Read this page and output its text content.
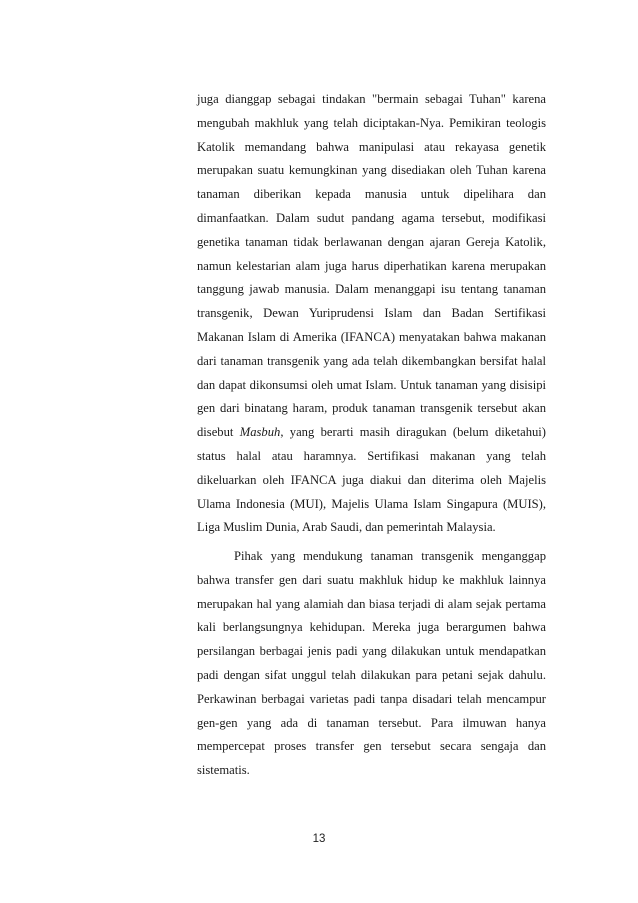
juga dianggap sebagai tindakan "bermain sebagai Tuhan" karena mengubah makhluk yang telah diciptakan-Nya. Pemikiran teologis Katolik memandang bahwa manipulasi atau rekayasa genetik merupakan suatu kemungkinan yang disediakan oleh Tuhan karena tanaman diberikan kepada manusia untuk dipelihara dan dimanfaatkan. Dalam sudut pandang agama tersebut, modifikasi genetika tanaman tidak berlawanan dengan ajaran Gereja Katolik, namun kelestarian alam juga harus diperhatikan karena merupakan tanggung jawab manusia. Dalam menanggapi isu tentang tanaman transgenik, Dewan Yuriprudensi Islam dan Badan Sertifikasi Makanan Islam di Amerika (IFANCA) menyatakan bahwa makanan dari tanaman transgenik yang ada telah dikembangkan bersifat halal dan dapat dikonsumsi oleh umat Islam. Untuk tanaman yang disisipi gen dari binatang haram, produk tanaman transgenik tersebut akan disebut Masbuh, yang berarti masih diragukan (belum diketahui) status halal atau haramnya. Sertifikasi makanan yang telah dikeluarkan oleh IFANCA juga diakui dan diterima oleh Majelis Ulama Indonesia (MUI), Majelis Ulama Islam Singapura (MUIS), Liga Muslim Dunia, Arab Saudi, dan pemerintah Malaysia.
Pihak yang mendukung tanaman transgenik menganggap bahwa transfer gen dari suatu makhluk hidup ke makhluk lainnya merupakan hal yang alamiah dan biasa terjadi di alam sejak pertama kali berlangsungnya kehidupan. Mereka juga berargumen bahwa persilangan berbagai jenis padi yang dilakukan untuk mendapatkan padi dengan sifat unggul telah dilakukan para petani sejak dahulu. Perkawinan berbagai varietas padi tanpa disadari telah mencampur gen-gen yang ada di tanaman tersebut. Para ilmuwan hanya mempercepat proses transfer gen tersebut secara sengaja dan sistematis.
13
